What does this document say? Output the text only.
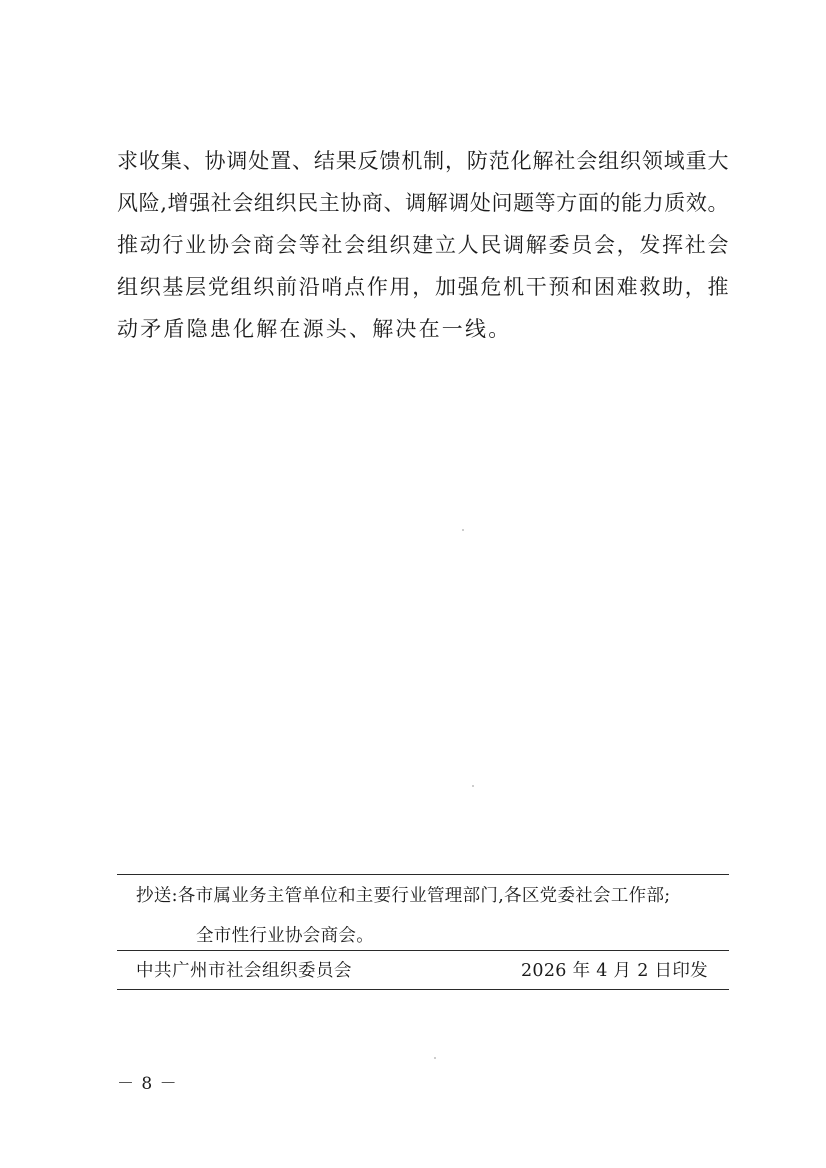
求收集、协调处置、结果反馈机制，防范化解社会组织领域重大
风险,增强社会组织民主协商、调解调处问题等方面的能力质效。
推动行业协会商会等社会组织建立人民调解委员会，发挥社会
组织基层党组织前沿哨点作用，加强危机干预和困难救助，推
动矛盾隐患化解在源头、解决在一线。
抄送:各市属业务主管单位和主要行业管理部门,各区党委社会工作部;
全市性行业协会商会。
中共广州市社会组织委员会	2026 年 4 月 2 日印发
－ 8 －
